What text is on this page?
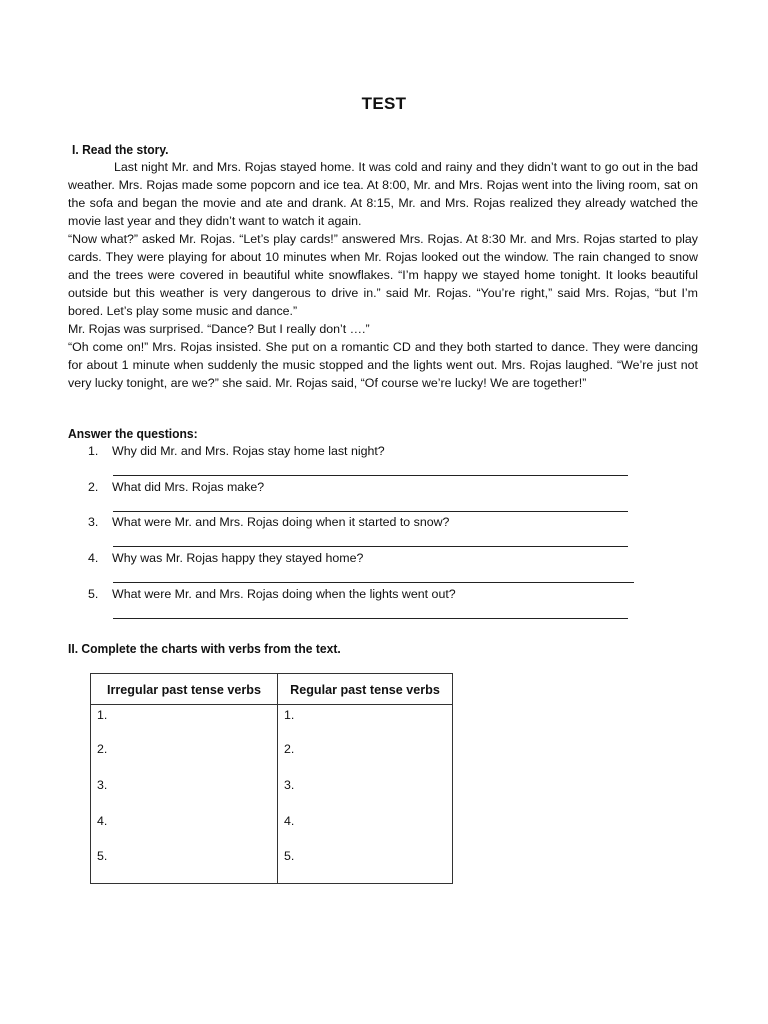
TEST
I. Read the story.

Last night Mr. and Mrs. Rojas stayed home. It was cold and rainy and they didn’t want to go out in the bad weather. Mrs. Rojas made some popcorn and ice tea. At 8:00, Mr. and Mrs. Rojas went into the living room, sat on the sofa and began the movie and ate and drank. At 8:15, Mr. and Mrs. Rojas realized they already watched the movie last year and they didn’t want to watch it again.

“Now what?” asked Mr. Rojas. “Let’s play cards!” answered Mrs. Rojas. At 8:30 Mr. and Mrs. Rojas started to play cards. They were playing for about 10 minutes when Mr. Rojas looked out the window. The rain changed to snow and the trees were covered in beautiful white snowflakes. “I’m happy we stayed home tonight. It looks beautiful outside but this weather is very dangerous to drive in.” said Mr. Rojas. “You’re right,” said Mrs. Rojas, “but I’m bored. Let’s play some music and dance.”

Mr. Rojas was surprised. “Dance? But I really don’t ….”

“Oh come on!” Mrs. Rojas insisted. She put on a romantic CD and they both started to dance. They were dancing for about 1 minute when suddenly the music stopped and the lights went out. Mrs. Rojas laughed. “We’re just not very lucky tonight, are we?” she said. Mr. Rojas said, “Of course we’re lucky! We are together!”

Answer the questions:
1. Why did Mr. and Mrs. Rojas stay home last night?
2. What did Mrs. Rojas make?
3. What were Mr. and Mrs. Rojas doing when it started to snow?
4. Why was Mr. Rojas happy they stayed home?
5. What were Mr. and Mrs. Rojas doing when the lights went out?
II. Complete the charts with verbs from the text.
Irregular past tense verbs
1.
2.
3.
4.
5.
Regular past tense verbs
1.
2.
3.
4.
5.
